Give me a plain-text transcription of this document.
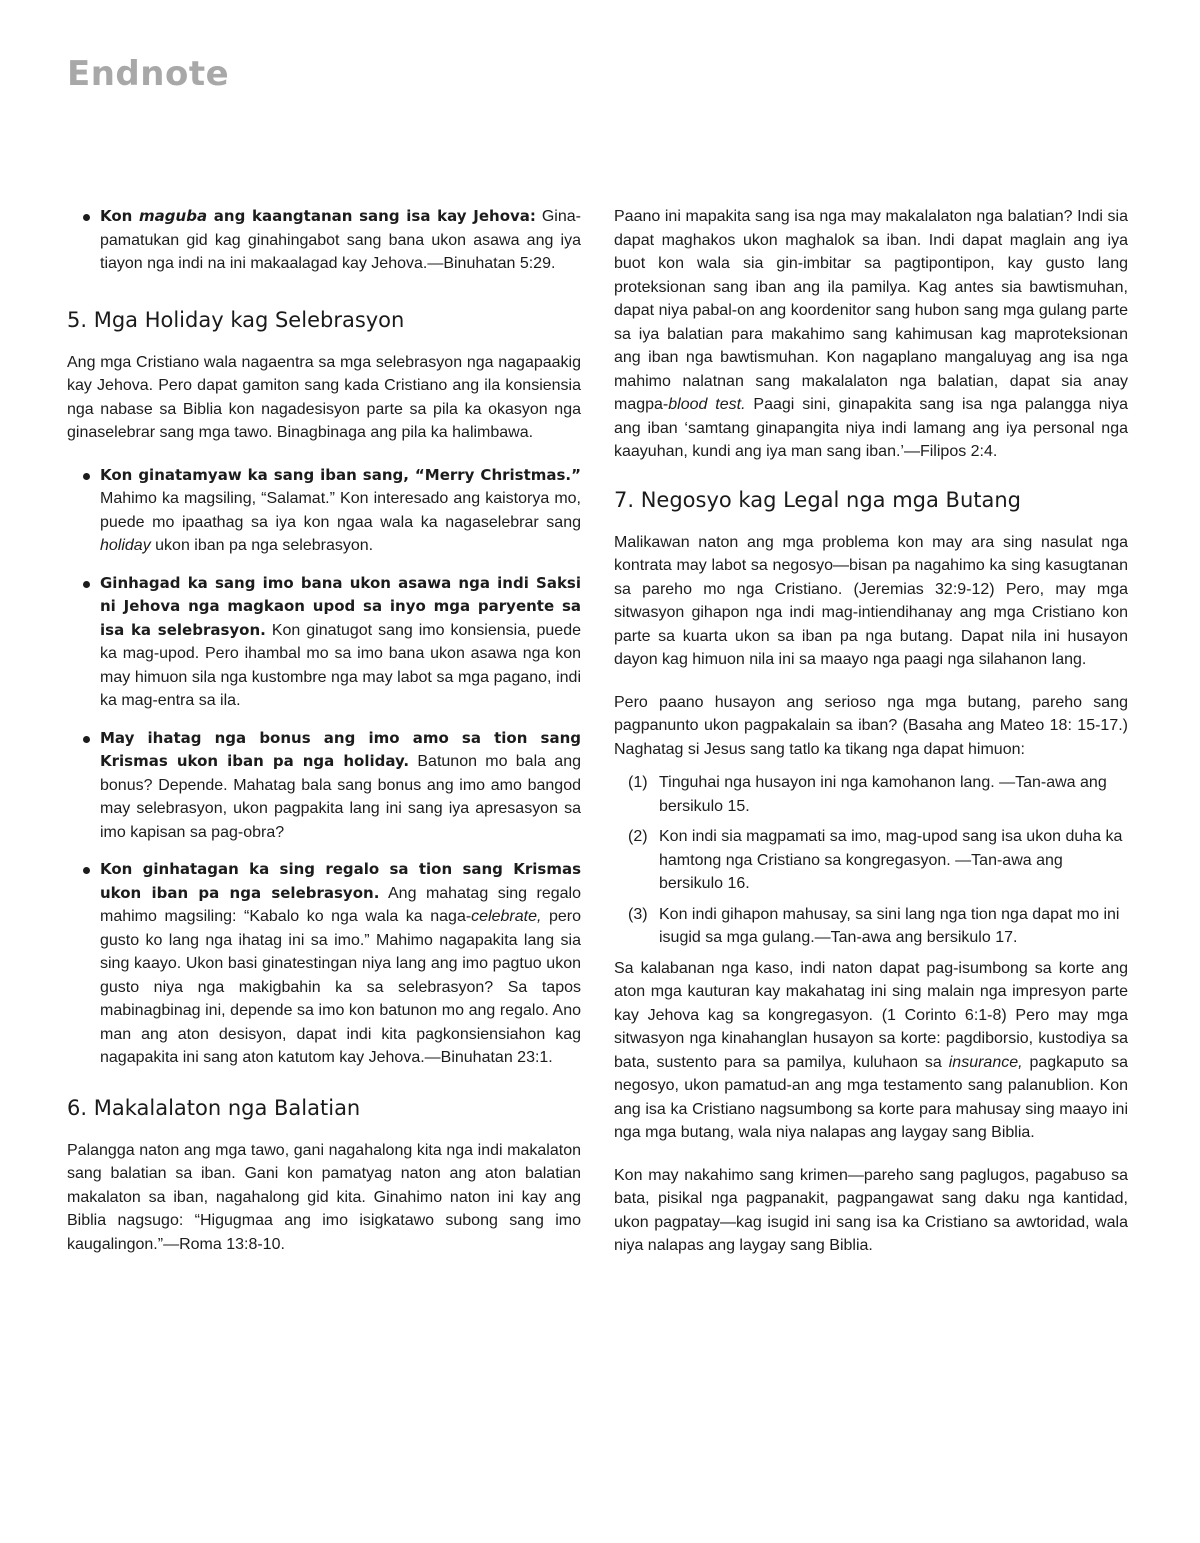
Endnote

Kon maguba ang kaangtanan sang isa kay Jehova: Ginapamatukan gid kag ginahingabot sang bana ukon asawa ang iya tiayon nga indi na ini makaalagad kay Jehova.—Binuhatan 5:29.

5. Mga Holiday kag Selebrasyon

Ang mga Cristiano wala nagaentra sa mga selebrasyon nga nagapaakig kay Jehova. Pero dapat gamiton sang kada Cristiano ang ila konsiensia nga nabase sa Biblia kon nagadesisyon parte sa pila ka okasyon nga ginaselebrar sang mga tawo. Binagbinaga ang pila ka halimbawa.

Kon ginatamyaw ka sang iban sang, “Merry Christmas.” Mahimo ka magsiling, “Salamat.” Kon interesado ang kaistorya mo, puede mo ipaathag sa iya kon ngaa wala ka nagaselebrar sang holiday ukon iban pa nga selebrasyon.

Ginhagad ka sang imo bana ukon asawa nga indi Saksi ni Jehova nga magkaon upod sa inyo mga paryente sa isa ka selebrasyon. Kon ginatugot sang imo konsiensia, puede ka mag-upod. Pero ihambal mo sa imo bana ukon asawa nga kon may himuon sila nga kustombre nga may labot sa mga pagano, indi ka mag-entra sa ila.

May ihatag nga bonus ang imo amo sa tion sang Krismas ukon iban pa nga holiday. Batunon mo bala ang bonus? Depende. Mahatag bala sang bonus ang imo amo bangod may selebrasyon, ukon pagpakita lang ini sang iya apresasyon sa imo kapisan sa pag-obra?

Kon ginhatagan ka sing regalo sa tion sang Krismas ukon iban pa nga selebrasyon. Ang mahatag sing regalo mahimo magsiling: “Kabalo ko nga wala ka naga-celebrate, pero gusto ko lang nga ihatag ini sa imo.” Mahimo nagapakita lang sia sing kaayo. Ukon basi ginatestingan niya lang ang imo pagtuo ukon gusto niya nga makigbahin ka sa selebrasyon? Sa tapos mabinagbinag ini, depende sa imo kon batunon mo ang regalo. Ano man ang aton desisyon, dapat indi kita pagkonsiensiahon kag nagapakita ini sang aton katutom kay Jehova.—Binuhatan 23:1.

6. Makalalaton nga Balatian

Palangga naton ang mga tawo, gani nagahalong kita nga indi makalaton sang balatian sa iban. Gani kon pamatyag naton ang aton balatian makalaton sa iban, nagahalong gid kita. Ginahimo naton ini kay ang Biblia nagsugo: “Higugmaa ang imo isigkatawo subong sang imo kaugalingon.”—Roma 13:8-10.

Paano ini mapakita sang isa nga may makalalaton nga balatian? Indi sia dapat maghakos ukon maghalok sa iban. Indi dapat maglain ang iya buot kon wala sia gin-imbitar sa pagtipontipon, kay gusto lang proteksionan sang iban ang ila pamilya. Kag antes sia bawtismuhan, dapat niya pabal-on ang koordenitor sang hubon sang mga gulang parte sa iya balatian para makahimo sang kahimusan kag maproteksionan ang iban nga bawtismuhan. Kon nagaplano mangaluyag ang isa nga mahimo nalatnan sang makalalaton nga balatian, dapat sia anay magpa-blood test. Paagi sini, ginapakita sang isa nga palangga niya ang iban ‘samtang ginapangita niya indi lamang ang iya personal nga kaayuhan, kundi ang iya man sang iban.’—Filipos 2:4.

7. Negosyo kag Legal nga mga Butang

Malikawan naton ang mga problema kon may ara sing nasulat nga kontrata may labot sa negosyo—bisan pa nagahimo ka sing kasugtanan sa pareho mo nga Cristiano. (Jeremias 32:9-12) Pero, may mga sitwasyon gihapon nga indi mag-intiendihanay ang mga Cristiano kon parte sa kuarta ukon sa iban pa nga butang. Dapat nila ini husayon dayon kag himuon nila ini sa maayo nga paagi nga silahanon lang.

Pero paano husayon ang serioso nga mga butang, pareho sang pagpanunto ukon pagpakalain sa iban? (Basaha ang Mateo 18: 15-17.) Naghatag si Jesus sang tatlo ka tikang nga dapat himuon:

(1) Tinguhai nga husayon ini nga kamohanon lang. —Tan-awa ang bersikulo 15.
(2) Kon indi sia magpamati sa imo, mag-upod sang isa ukon duha ka hamtong nga Cristiano sa kongregasyon. —Tan-awa ang bersikulo 16.
(3) Kon indi gihapon mahusay, sa sini lang nga tion nga dapat mo ini isugid sa mga gulang.—Tan-awa ang bersikulo 17.

Sa kalabanan nga kaso, indi naton dapat pag-isumbong sa korte ang aton mga kauturan kay makahatag ini sing malain nga impresyon parte kay Jehova kag sa kongregasyon. (1 Corinto 6:1-8) Pero may mga sitwasyon nga kinahanglan husayon sa korte: pagdiborsio, kustodiya sa bata, sustento para sa pamilya, kuluhaon sa insurance, pagkaputo sa negosyo, ukon pamatud-an ang mga testamento sang palanublion. Kon ang isa ka Cristiano nagsumbong sa korte para mahusay sing maayo ini nga mga butang, wala niya nalapas ang laygay sang Biblia.

Kon may nakahimo sang krimen—pareho sang paglugos, pagabuso sa bata, pisikal nga pagpanakit, pagpangawat sang daku nga kantidad, ukon pagpatay—kag isugid ini sang isa ka Cristiano sa awtoridad, wala niya nalapas ang laygay sang Biblia.
